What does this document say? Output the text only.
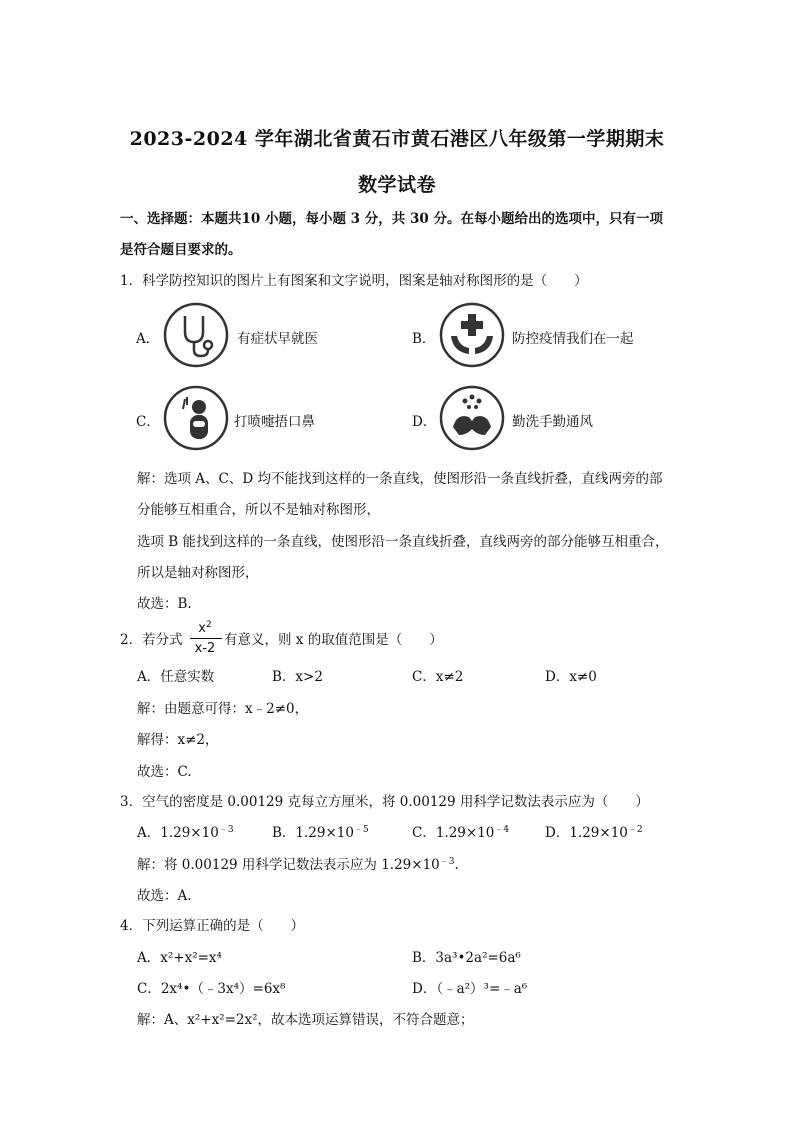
2023-2024 学年湖北省黄石市黄石港区八年级第一学期期末
数学试卷
一、选择题：本题共10 小题，每小题 3 分，共 30 分。在每小题给出的选项中，只有一项
是符合题目要求的。
1．科学防控知识的图片上有图案和文字说明，图案是轴对称图形的是（　　）
A．	有症状早就医	B．	防控疫情我们在一起
C．	打喷嚏捂口鼻	D．	勤洗手勤通风
解：选项 A、C、D 均不能找到这样的一条直线，使图形沿一条直线折叠，直线两旁的部
分能够互相重合，所以不是轴对称图形，
选项 B 能找到这样的一条直线，使图形沿一条直线折叠，直线两旁的部分能够互相重合，
所以是轴对称图形，
故选：B.
2．若分式
$x^2$
x-2
有意义，则 x 的取值范围是（　　）
A．任意实数	B．x>2	C．x≠2	D．x≠0
解：由题意可得：x﹣2≠0，
解得：x≠2，
故选：C.
3．空气的密度是 0.00129 克每立方厘米，将 0.00129 用科学记数法表示应为（　　）
A．$1.29\times 10^{﹣3}$	B．$1.29\times 10^{﹣5}$	C．$1.29\times 10^{﹣4}$	D．$1.29\times 10^{﹣2}$
解：将 0.00129 用科学记数法表示应为 $1.29\times 10^{﹣3}$.
故选：A.
4．下列运算正确的是（　　）
A．x²+x²=x⁴	B．3a³•2a²=6a⁶
C．2x⁴•（﹣3x⁴）=6x⁸	D．（﹣a²）³=﹣a⁶
解：A、x²+x²=2x²，故本选项运算错误，不符合题意；
